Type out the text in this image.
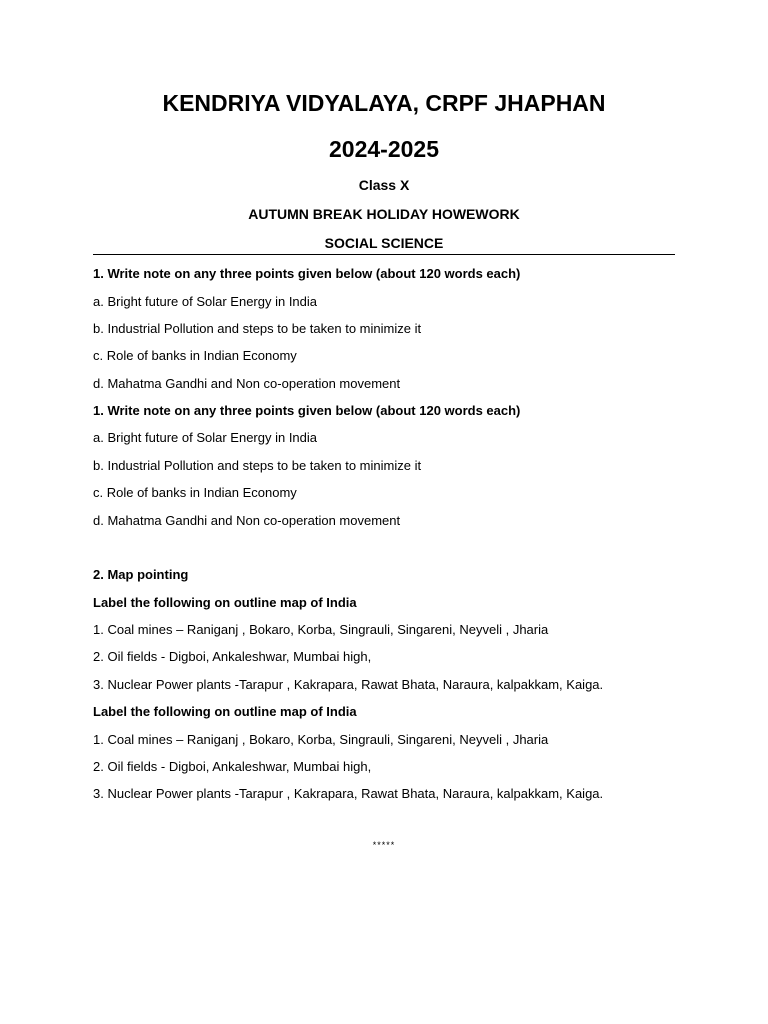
KENDRIYA VIDYALAYA, CRPF JHAPHAN
2024-2025
Class X
AUTUMN BREAK HOLIDAY HOWEWORK
SOCIAL SCIENCE
1. Write note on any three points given below (about 120 words each)
a. Bright future of Solar Energy in India
b. Industrial Pollution and steps to be taken to minimize it
c. Role of banks in Indian Economy
d. Mahatma Gandhi and Non co-operation movement
1. Write note on any three points given below (about 120 words each)
a. Bright future of Solar Energy in India
b. Industrial Pollution and steps to be taken to minimize it
c. Role of banks in Indian Economy
d. Mahatma Gandhi and Non co-operation movement
2. Map pointing
Label the following on outline map of India
1. Coal mines – Raniganj , Bokaro, Korba, Singrauli, Singareni, Neyveli , Jharia
2. Oil fields - Digboi, Ankaleshwar, Mumbai high,
3. Nuclear Power plants -Tarapur , Kakrapara, Rawat Bhata, Naraura, kalpakkam, Kaiga.
Label the following on outline map of India
1. Coal mines – Raniganj , Bokaro, Korba, Singrauli, Singareni, Neyveli , Jharia
2. Oil fields - Digboi, Ankaleshwar, Mumbai high,
3. Nuclear Power plants -Tarapur , Kakrapara, Rawat Bhata, Naraura, kalpakkam, Kaiga.
*****
